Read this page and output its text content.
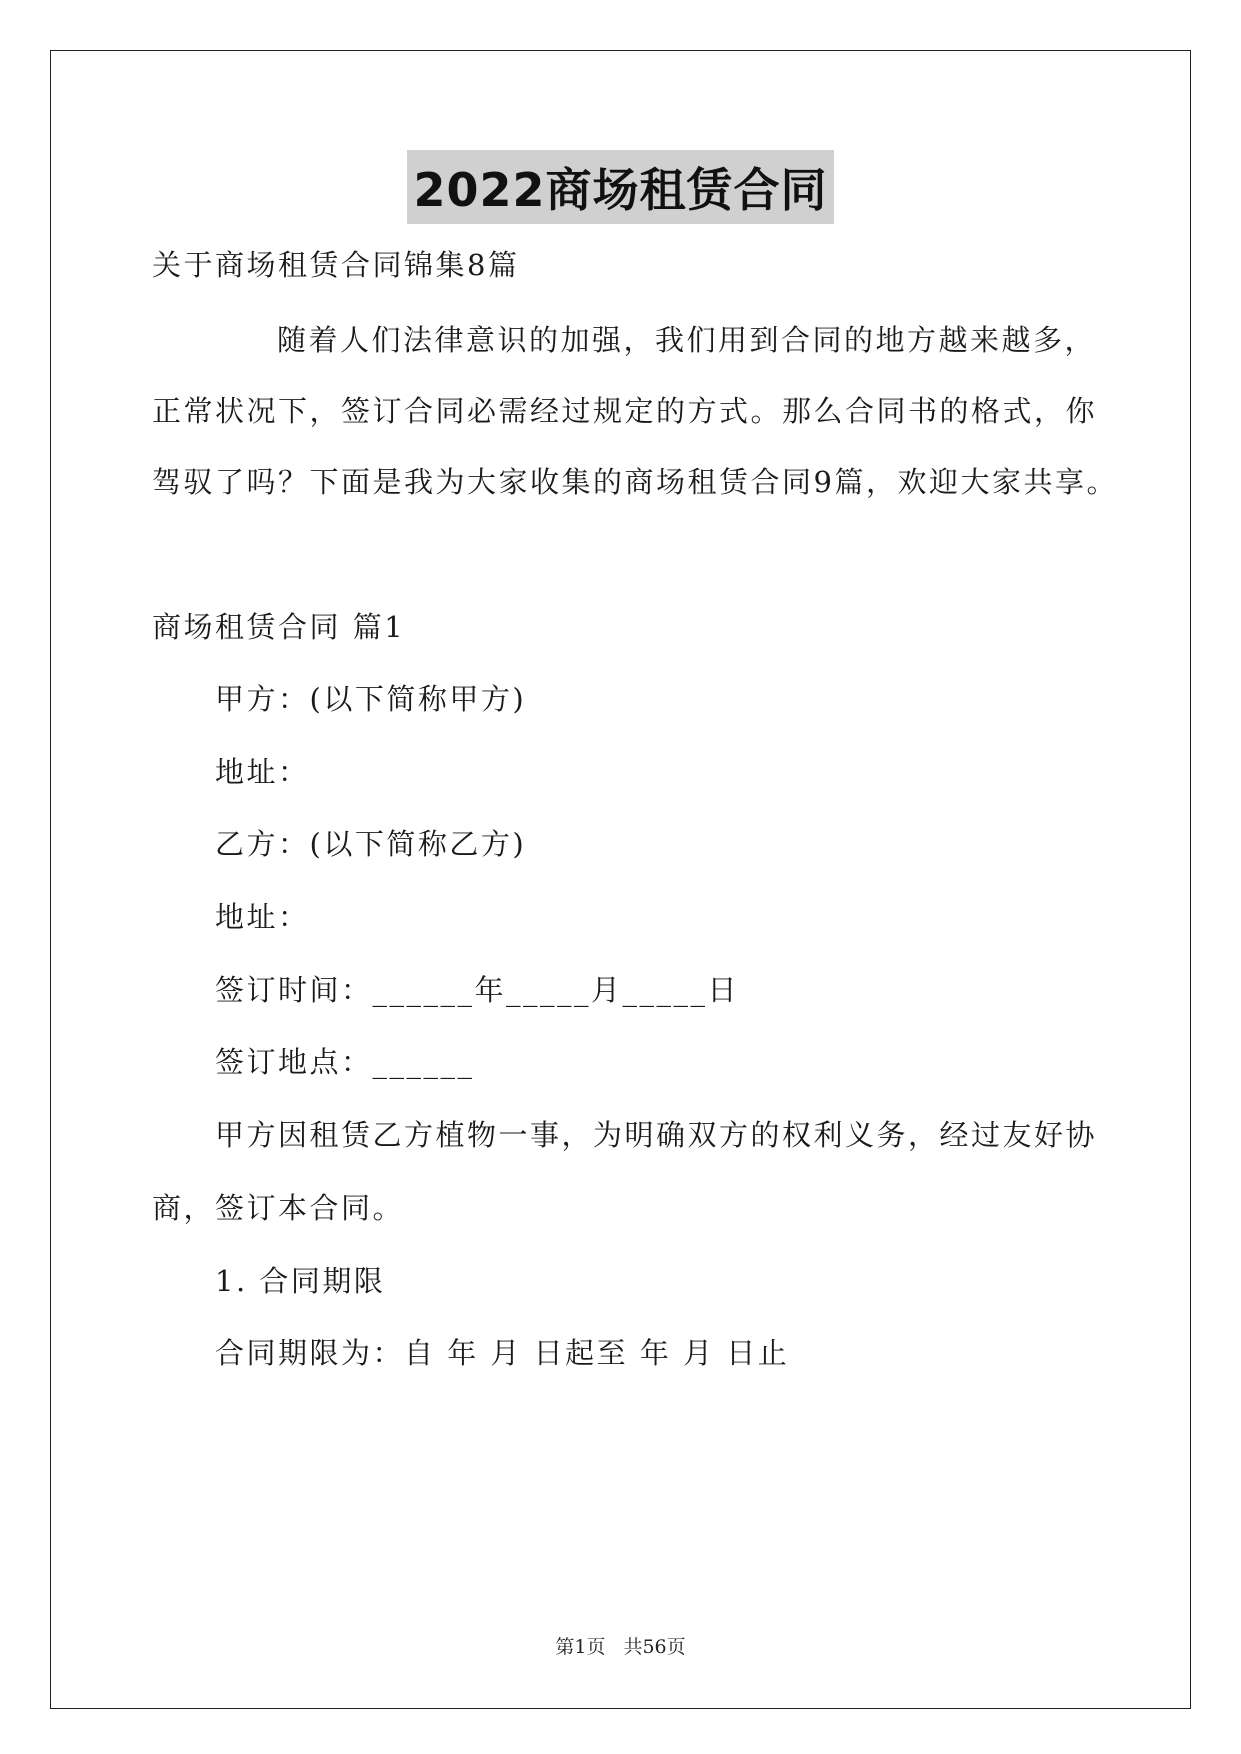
2022商场租赁合同
关于商场租赁合同锦集8篇
随着人们法律意识的加强，我们用到合同的地方越来越多，
正常状况下，签订合同必需经过规定的方式。那么合同书的格式，你
驾驭了吗？下面是我为大家收集的商场租赁合同9篇，欢迎大家共享。
商场租赁合同 篇1
甲方：(以下简称甲方)
地址：
乙方：(以下简称乙方)
地址：
签订时间：______年_____月_____日
签订地点：______
甲方因租赁乙方植物一事，为明确双方的权利义务，经过友好协
商，签订本合同。
1. 合同期限
合同期限为：自 年 月 日起至 年 月 日止
第1页 共56页
